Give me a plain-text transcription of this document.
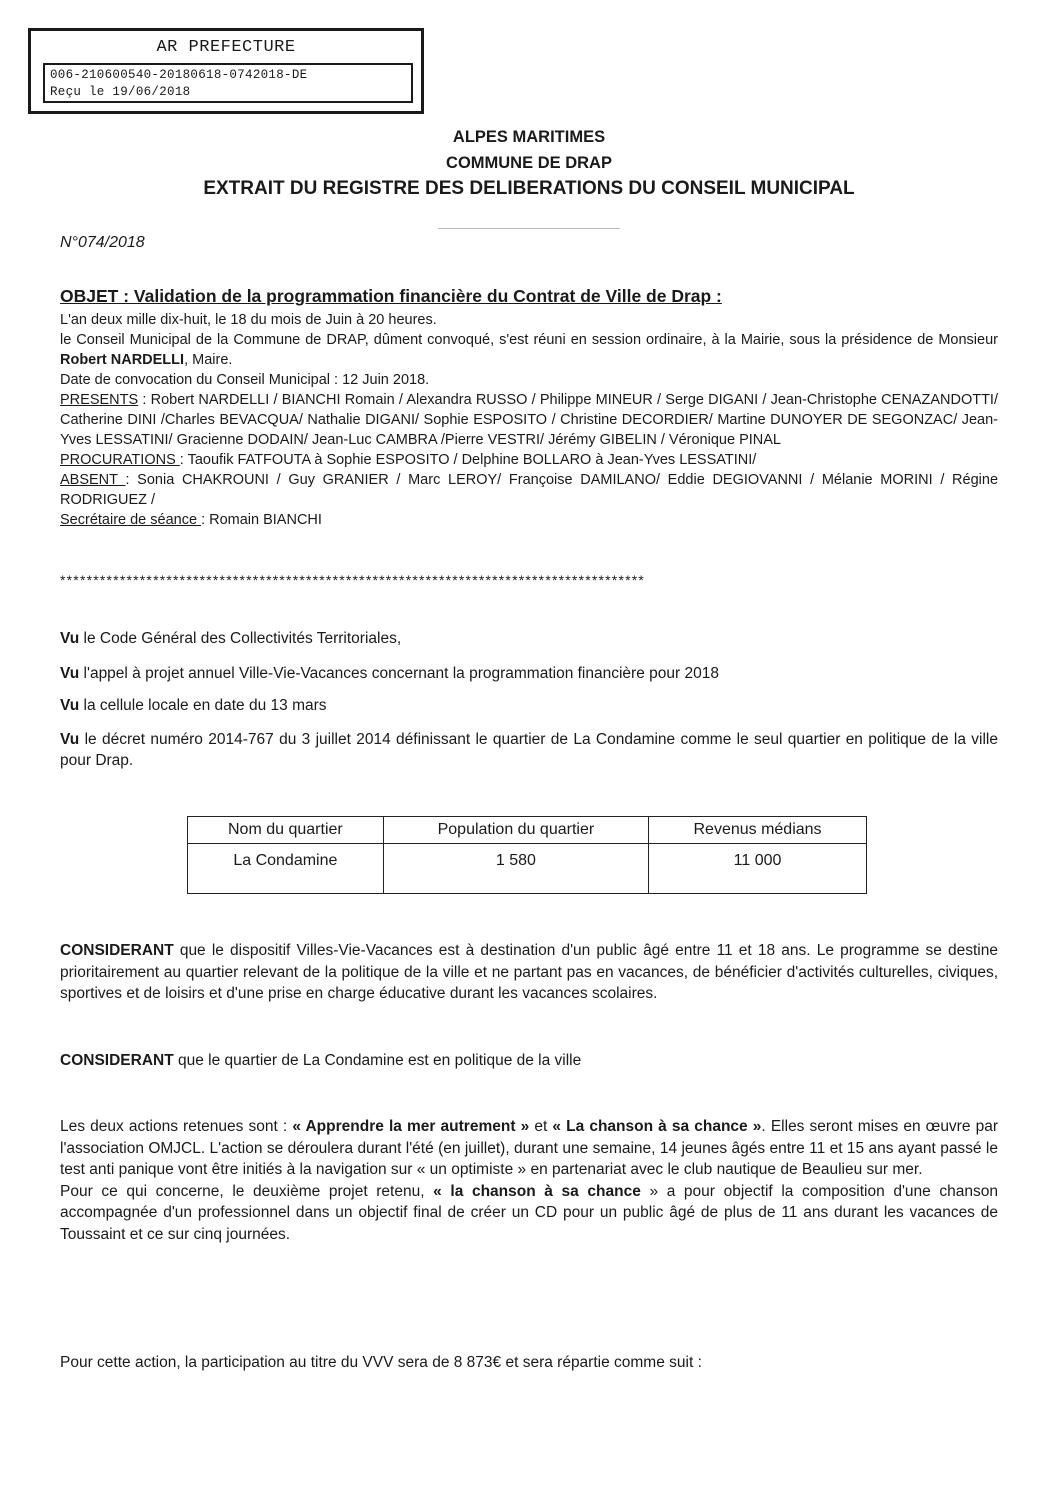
AR PREFECTURE
006-210600540-20180618-0742018-DE
Reçu le 19/06/2018
ALPES MARITIMES
COMMUNE DE DRAP
EXTRAIT DU REGISTRE DES DELIBERATIONS DU CONSEIL MUNICIPAL
N°074/2018
OBJET : Validation de la programmation financière du Contrat de Ville de Drap :

L'an deux mille dix-huit, le 18 du mois de Juin à 20 heures.

le Conseil Municipal de la Commune de DRAP, dûment convoqué, s'est réuni en session ordinaire, à la Mairie, sous la présidence de Monsieur Robert NARDELLI, Maire.

Date de convocation du Conseil Municipal : 12 Juin 2018.

PRESENTS : Robert NARDELLI / BIANCHI Romain / Alexandra RUSSO / Philippe MINEUR / Serge DIGANI / Jean-Christophe CENAZANDOTTI/ Catherine DINI /Charles BEVACQUA/ Nathalie DIGANI/ Sophie ESPOSITO / Christine DECORDIER/ Martine DUNOYER DE SEGONZAC/ Jean-Yves LESSATINI/ Gracienne DODAIN/ Jean-Luc CAMBRA /Pierre VESTRI/ Jérémy GIBELIN / Véronique PINAL

PROCURATIONS : Taoufik FATFOUTA à Sophie ESPOSITO / Delphine BOLLARO à Jean-Yves LESSATINI/

ABSENT : Sonia CHAKROUNI / Guy GRANIER / Marc LEROY/ Françoise DAMILANO/ Eddie DEGIOVANNI / Mélanie MORINI / Régine RODRIGUEZ /

Secrétaire de séance : Romain BIANCHI

****************************************************************************************
Vu le Code Général des Collectivités Territoriales,
Vu l'appel à projet annuel Ville-Vie-Vacances concernant la programmation financière pour 2018
Vu la cellule locale en date du 13 mars
Vu le décret numéro 2014-767 du 3 juillet 2014 définissant le quartier de La Condamine comme le seul quartier en politique de la ville pour Drap.
Nom du quartier	Population du quartier	Revenus médians
La Condamine	1 580	11 000

CONSIDERANT que le dispositif Villes-Vie-Vacances est à destination d'un public âgé entre 11 et 18 ans. Le programme se destine prioritairement au quartier relevant de la politique de la ville et ne partant pas en vacances, de bénéficier d'activités culturelles, civiques, sportives et de loisirs et d'une prise en charge éducative durant les vacances scolaires.

CONSIDERANT que le quartier de La Condamine est en politique de la ville

Les deux actions retenues sont : « Apprendre la mer autrement » et « La chanson à sa chance ». Elles seront mises en œuvre par l'association OMJCL. L'action se déroulera durant l'été (en juillet), durant une semaine, 14 jeunes âgés entre 11 et 15 ans ayant passé le test anti panique vont être initiés à la navigation sur « un optimiste » en partenariat avec le club nautique de Beaulieu sur mer.

Pour ce qui concerne, le deuxième projet retenu, « la chanson à sa chance » a pour objectif la composition d'une chanson accompagnée d'un professionnel dans un objectif final de créer un CD pour un public âgé de plus de 11 ans durant les vacances de Toussaint et ce sur cinq journées.

Pour cette action, la participation au titre du VVV sera de 8 873€ et sera répartie comme suit :
